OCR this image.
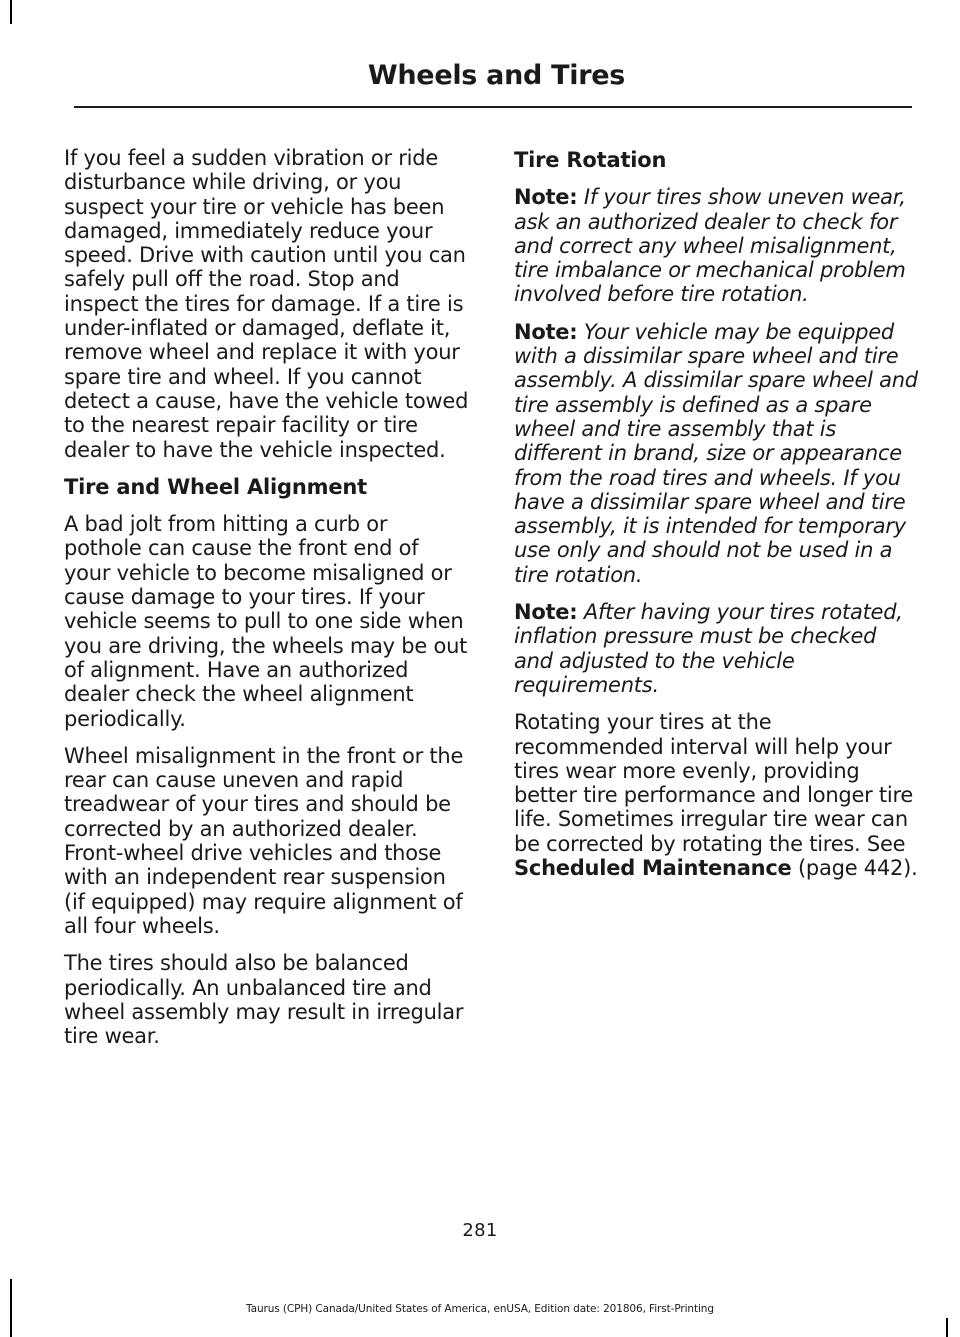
Wheels and Tires

If you feel a sudden vibration or ride disturbance while driving, or you suspect your tire or vehicle has been damaged, immediately reduce your speed. Drive with caution until you can safely pull off the road. Stop and inspect the tires for damage. If a tire is under-inflated or damaged, deflate it, remove wheel and replace it with your spare tire and wheel. If you cannot detect a cause, have the vehicle towed to the nearest repair facility or tire dealer to have the vehicle inspected.

Tire and Wheel Alignment

A bad jolt from hitting a curb or pothole can cause the front end of your vehicle to become misaligned or cause damage to your tires. If your vehicle seems to pull to one side when you are driving, the wheels may be out of alignment. Have an authorized dealer check the wheel alignment periodically.

Wheel misalignment in the front or the rear can cause uneven and rapid treadwear of your tires and should be corrected by an authorized dealer. Front-wheel drive vehicles and those with an independent rear suspension (if equipped) may require alignment of all four wheels.

The tires should also be balanced periodically. An unbalanced tire and wheel assembly may result in irregular tire wear.

Tire Rotation

Note: If your tires show uneven wear, ask an authorized dealer to check for and correct any wheel misalignment, tire imbalance or mechanical problem involved before tire rotation.

Note: Your vehicle may be equipped with a dissimilar spare wheel and tire assembly. A dissimilar spare wheel and tire assembly is defined as a spare wheel and tire assembly that is different in brand, size or appearance from the road tires and wheels. If you have a dissimilar spare wheel and tire assembly, it is intended for temporary use only and should not be used in a tire rotation.

Note: After having your tires rotated, inflation pressure must be checked and adjusted to the vehicle requirements.

Rotating your tires at the recommended interval will help your tires wear more evenly, providing better tire performance and longer tire life. Sometimes irregular tire wear can be corrected by rotating the tires. See Scheduled Maintenance (page 442).

281
Taurus (CPH) Canada/United States of America, enUSA, Edition date: 201806, First-Printing
